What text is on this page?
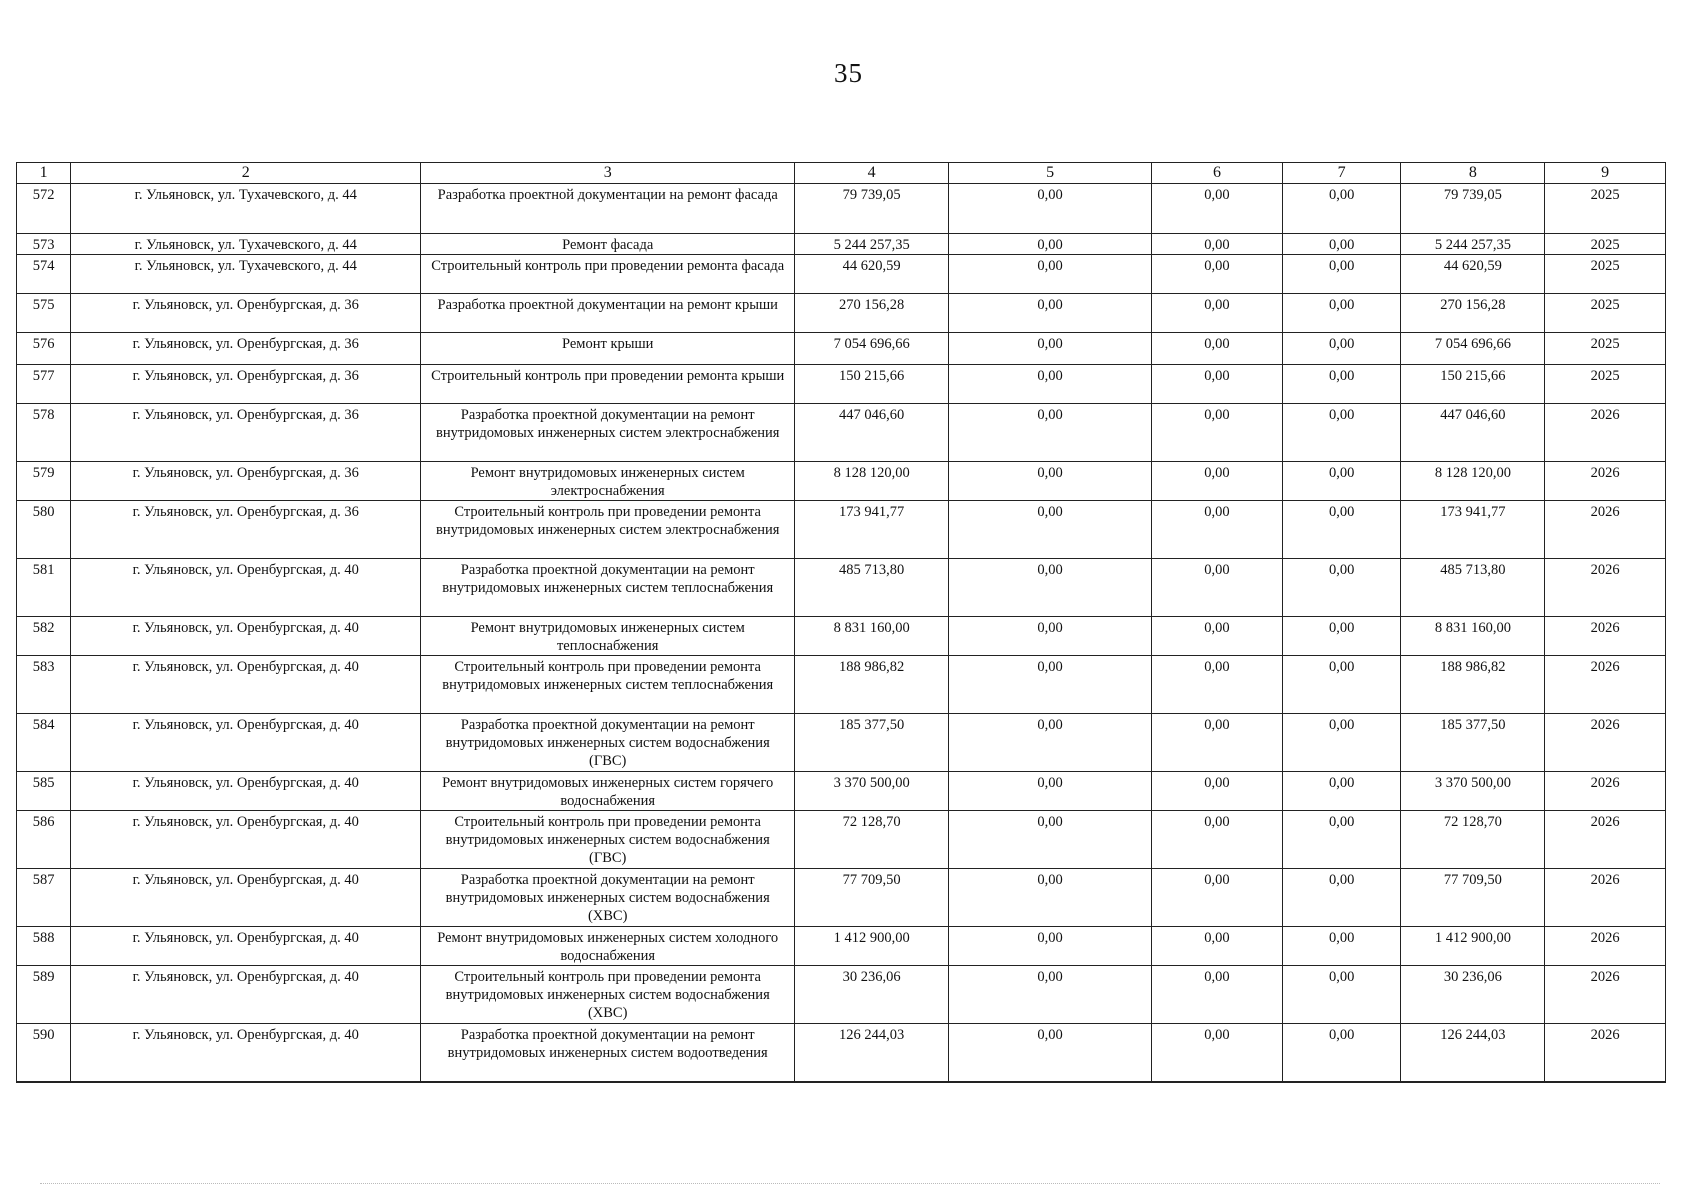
35
1	2	3	4	5	6	7	8	9
572	г. Ульяновск, ул. Тухачевского, д. 44	Разработка проектной документации на ремонт фасада	79 739,05	0,00	0,00	0,00	79 739,05	2025
573	г. Ульяновск, ул. Тухачевского, д. 44	Ремонт фасада	5 244 257,35	0,00	0,00	0,00	5 244 257,35	2025
574	г. Ульяновск, ул. Тухачевского, д. 44	Строительный контроль при проведении ремонта фасада	44 620,59	0,00	0,00	0,00	44 620,59	2025
575	г. Ульяновск, ул. Оренбургская, д. 36	Разработка проектной документации на ремонт крыши	270 156,28	0,00	0,00	0,00	270 156,28	2025
576	г. Ульяновск, ул. Оренбургская, д. 36	Ремонт крыши	7 054 696,66	0,00	0,00	0,00	7 054 696,66	2025
577	г. Ульяновск, ул. Оренбургская, д. 36	Строительный контроль при проведении ремонта крыши	150 215,66	0,00	0,00	0,00	150 215,66	2025
578	г. Ульяновск, ул. Оренбургская, д. 36	Разработка проектной документации на ремонт внутридомовых инженерных систем электроснабжения	447 046,60	0,00	0,00	0,00	447 046,60	2026
579	г. Ульяновск, ул. Оренбургская, д. 36	Ремонт внутридомовых инженерных систем электроснабжения	8 128 120,00	0,00	0,00	0,00	8 128 120,00	2026
580	г. Ульяновск, ул. Оренбургская, д. 36	Строительный контроль при проведении ремонта внутридомовых инженерных систем электроснабжения	173 941,77	0,00	0,00	0,00	173 941,77	2026
581	г. Ульяновск, ул. Оренбургская, д. 40	Разработка проектной документации на ремонт внутридомовых инженерных систем теплоснабжения	485 713,80	0,00	0,00	0,00	485 713,80	2026
582	г. Ульяновск, ул. Оренбургская, д. 40	Ремонт внутридомовых инженерных систем теплоснабжения	8 831 160,00	0,00	0,00	0,00	8 831 160,00	2026
583	г. Ульяновск, ул. Оренбургская, д. 40	Строительный контроль при проведении ремонта внутридомовых инженерных систем теплоснабжения	188 986,82	0,00	0,00	0,00	188 986,82	2026
584	г. Ульяновск, ул. Оренбургская, д. 40	Разработка проектной документации на ремонт внутридомовых инженерных систем водоснабжения (ГВС)	185 377,50	0,00	0,00	0,00	185 377,50	2026
585	г. Ульяновск, ул. Оренбургская, д. 40	Ремонт внутридомовых инженерных систем горячего водоснабжения	3 370 500,00	0,00	0,00	0,00	3 370 500,00	2026
586	г. Ульяновск, ул. Оренбургская, д. 40	Строительный контроль при проведении ремонта внутридомовых инженерных систем водоснабжения (ГВС)	72 128,70	0,00	0,00	0,00	72 128,70	2026
587	г. Ульяновск, ул. Оренбургская, д. 40	Разработка проектной документации на ремонт внутридомовых инженерных систем водоснабжения (ХВС)	77 709,50	0,00	0,00	0,00	77 709,50	2026
588	г. Ульяновск, ул. Оренбургская, д. 40	Ремонт внутридомовых инженерных систем холодного водоснабжения	1 412 900,00	0,00	0,00	0,00	1 412 900,00	2026
589	г. Ульяновск, ул. Оренбургская, д. 40	Строительный контроль при проведении ремонта внутридомовых инженерных систем водоснабжения (ХВС)	30 236,06	0,00	0,00	0,00	30 236,06	2026
590	г. Ульяновск, ул. Оренбургская, д. 40	Разработка проектной документации на ремонт внутридомовых инженерных систем водоотведения	126 244,03	0,00	0,00	0,00	126 244,03	2026
